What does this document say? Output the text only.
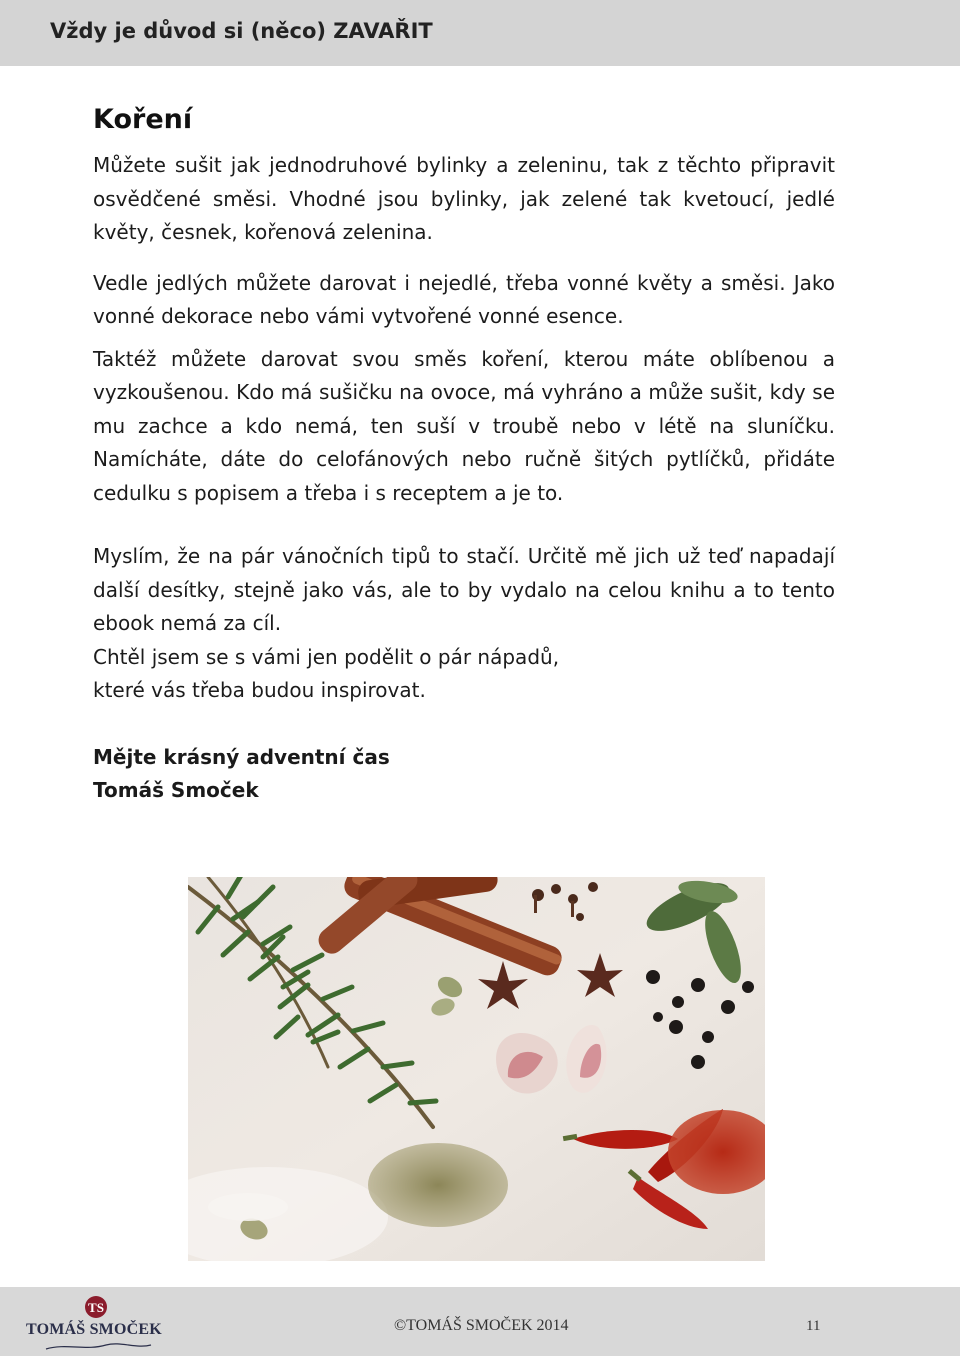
Vždy je důvod si (něco) ZAVAŘIT
Koření

Můžete sušit jak jednodruhové bylinky a zeleninu, tak z těchto připravit osvědčené směsi. Vhodné jsou bylinky, jak zelené tak kvetoucí, jedlé květy, česnek, kořenová zelenina.

Vedle jedlých můžete darovat i nejedlé, třeba vonné květy a směsi. Jako vonné dekorace nebo vámi vytvořené vonné esence.

Taktéž můžete darovat svou směs koření, kterou máte oblíbenou a vyzkoušenou. Kdo má sušičku na ovoce, má vyhráno a může sušit, kdy se mu zachce a kdo nemá, ten suší v troubě nebo v létě na sluníčku. Namícháte, dáte do celofánových nebo ručně šitých pytlíčků, přidáte cedulku s popisem a třeba i s receptem a je to.

Myslím, že na pár vánočních tipů to stačí. Určitě mě jich už teď napadají další desítky, stejně jako vás, ale to by vydalo na celou knihu a to tento ebook nemá za cíl.

Chtěl jsem se s vámi jen podělit o pár nápadů,

které vás třeba budou inspirovat.

Mějte krásný adventní čas
Tomáš Smoček
TS
TOMÁŠ SMOČEK	©TOMÁŠ SMOČEK 2014	11
